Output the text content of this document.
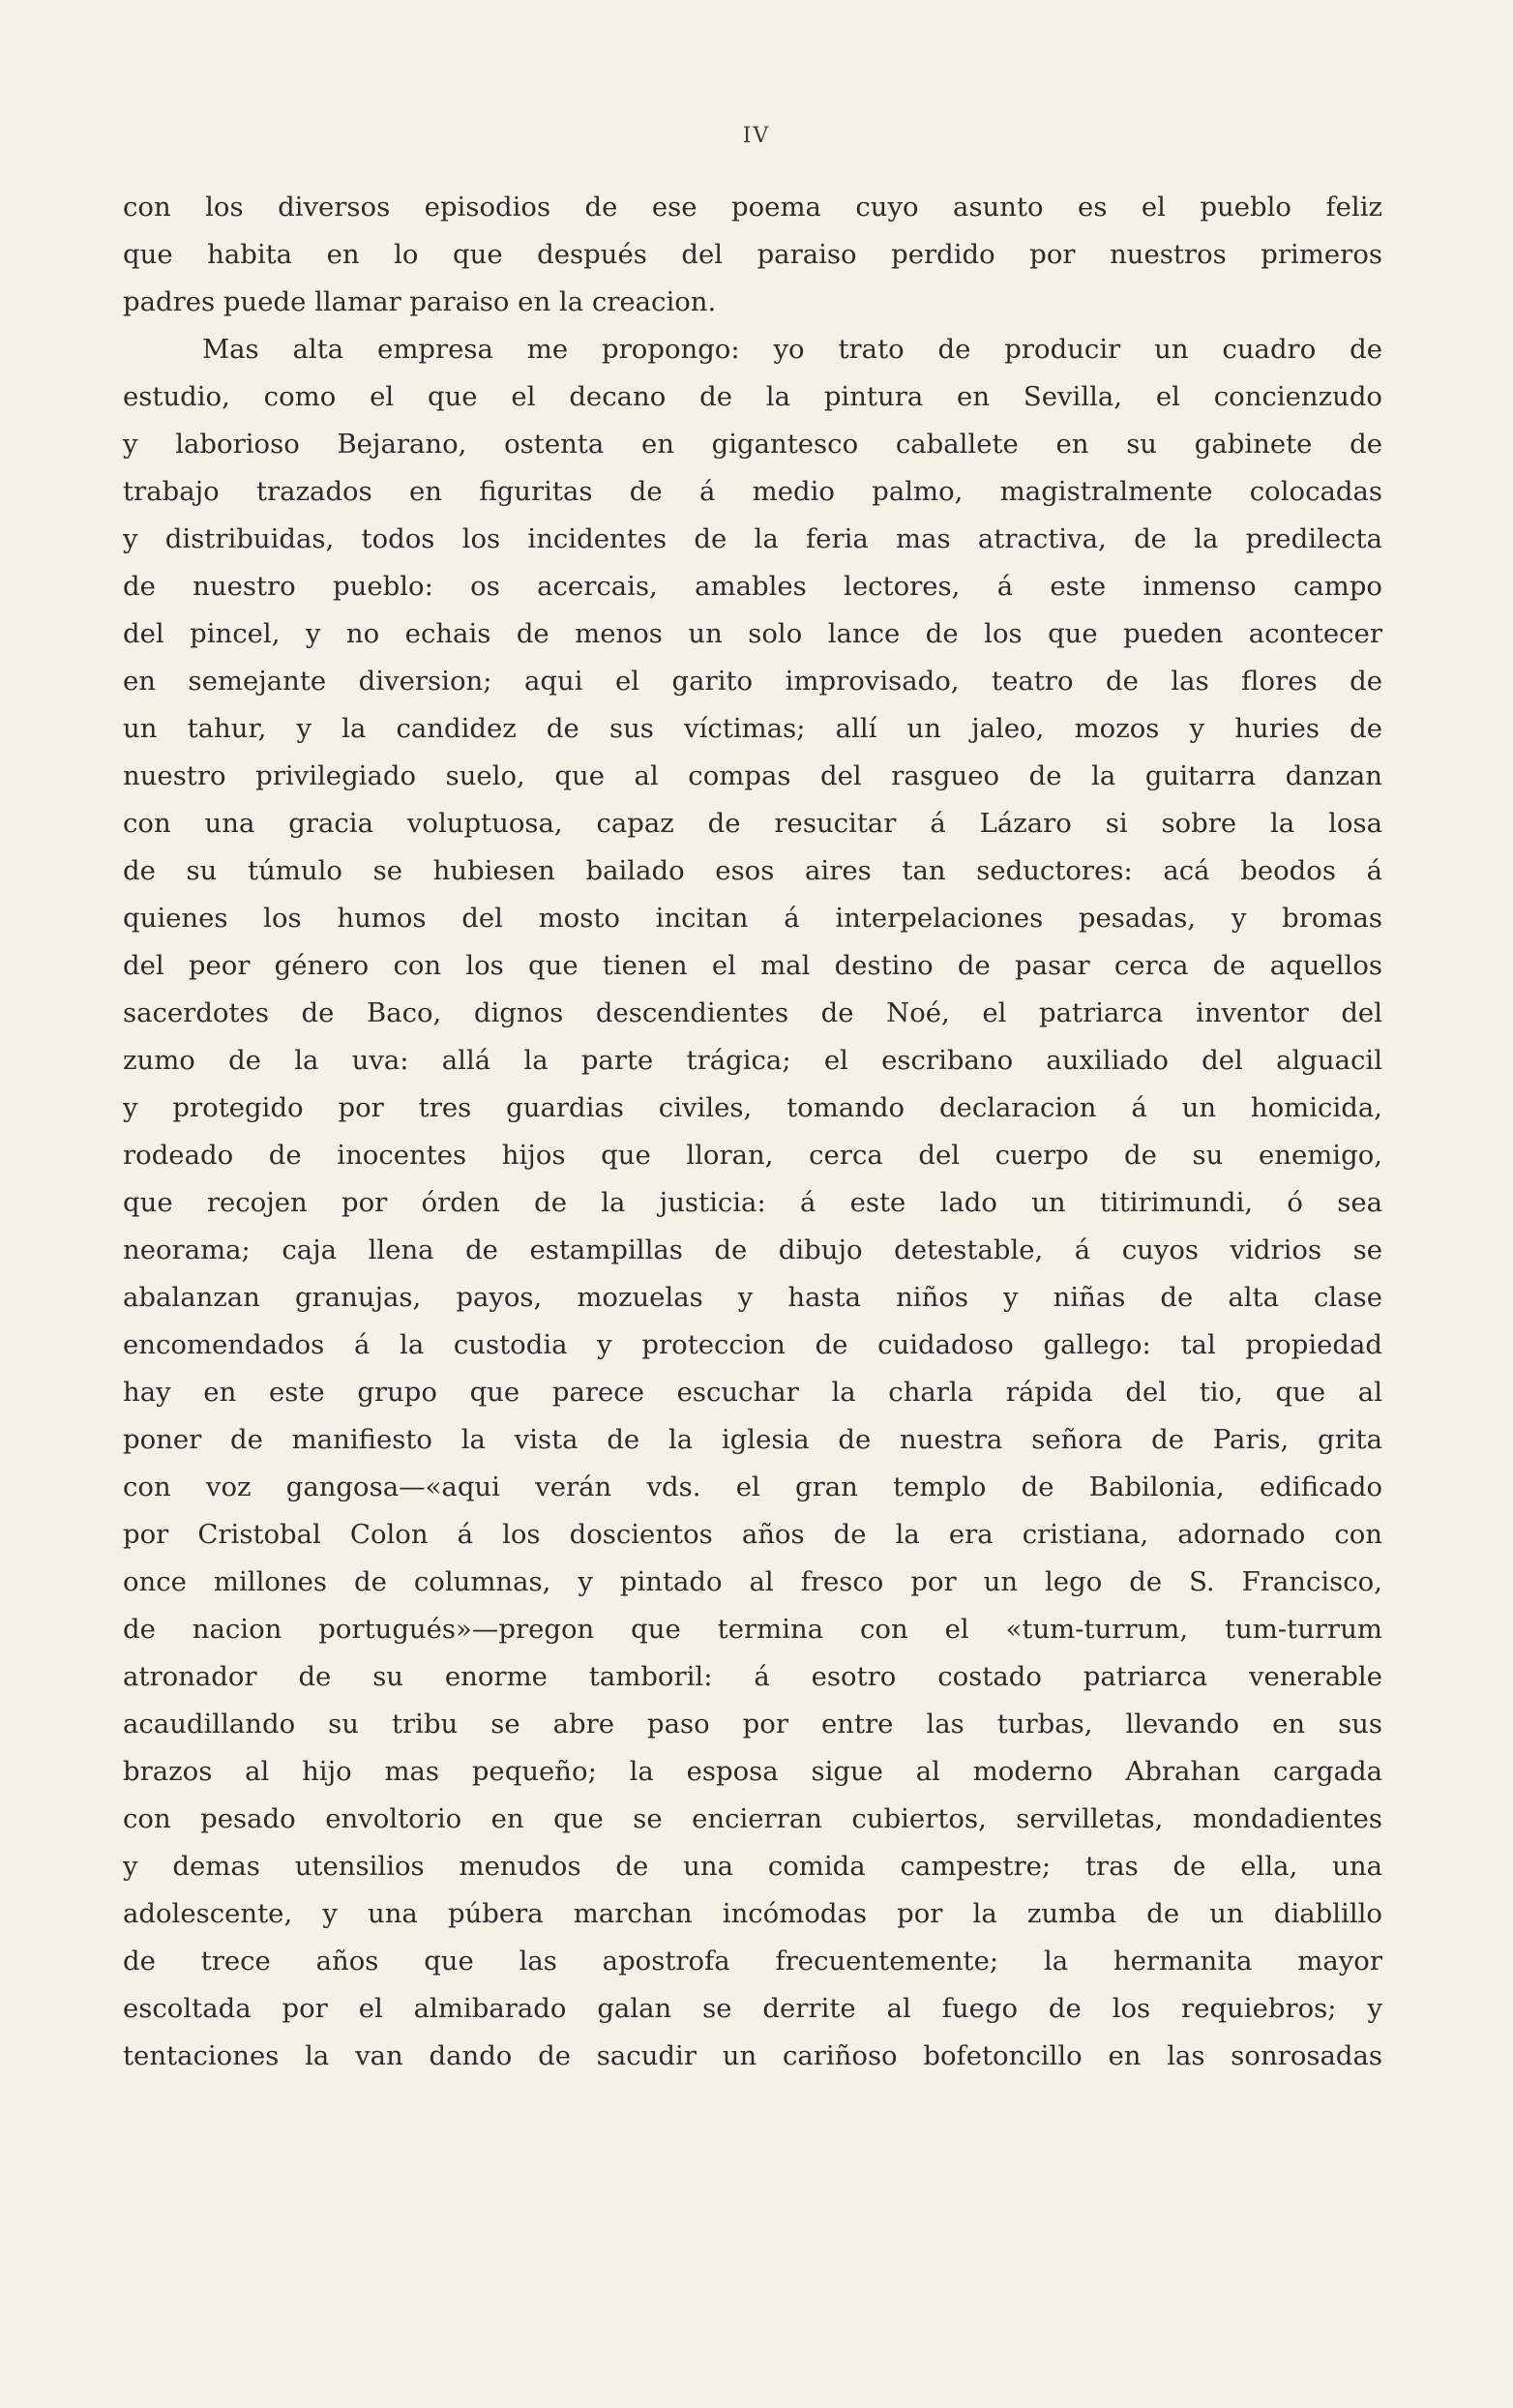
IV
con los diversos episodios de ese poema cuyo asunto es el pueblo feliz
que habita en lo que después del paraiso perdido por nuestros primeros
padres puede llamar paraiso en la creacion.
Mas alta empresa me propongo: yo trato de producir un cuadro de
estudio, como el que el decano de la pintura en Sevilla, el concienzudo
y laborioso Bejarano, ostenta en gigantesco caballete en su gabinete de
trabajo trazados en figuritas de á medio palmo, magistralmente colocadas
y distribuidas, todos los incidentes de la feria mas atractiva, de la predilecta
de nuestro pueblo: os acercais, amables lectores, á este inmenso campo
del pincel, y no echais de menos un solo lance de los que pueden acontecer
en semejante diversion; aqui el garito improvisado, teatro de las flores de
un tahur, y la candidez de sus víctimas; allí un jaleo, mozos y huries de
nuestro privilegiado suelo, que al compas del rasgueo de la guitarra danzan
con una gracia voluptuosa, capaz de resucitar á Lázaro si sobre la losa
de su túmulo se hubiesen bailado esos aires tan seductores: acá beodos á
quienes los humos del mosto incitan á interpelaciones pesadas, y bromas
del peor género con los que tienen el mal destino de pasar cerca de aquellos
sacerdotes de Baco, dignos descendientes de Noé, el patriarca inventor del
zumo de la uva: allá la parte trágica; el escribano auxiliado del alguacil
y protegido por tres guardias civiles, tomando declaracion á un homicida,
rodeado de inocentes hijos que lloran, cerca del cuerpo de su enemigo,
que recojen por órden de la justicia: á este lado un titirimundi, ó sea
neorama; caja llena de estampillas de dibujo detestable, á cuyos vidrios se
abalanzan granujas, payos, mozuelas y hasta niños y niñas de alta clase
encomendados á la custodia y proteccion de cuidadoso gallego: tal propiedad
hay en este grupo que parece escuchar la charla rápida del tio, que al
poner de manifiesto la vista de la iglesia de nuestra señora de Paris, grita
con voz gangosa—«aqui verán vds. el gran templo de Babilonia, edificado
por Cristobal Colon á los doscientos años de la era cristiana, adornado con
once millones de columnas, y pintado al fresco por un lego de S. Francisco,
de nacion portugués»—pregon que termina con el «tum-turrum, tum-turrum
atronador de su enorme tamboril: á esotro costado patriarca venerable
acaudillando su tribu se abre paso por entre las turbas, llevando en sus
brazos al hijo mas pequeño; la esposa sigue al moderno Abrahan cargada
con pesado envoltorio en que se encierran cubiertos, servilletas, mondadientes
y demas utensilios menudos de una comida campestre; tras de ella, una
adolescente, y una púbera marchan incómodas por la zumba de un diablillo
de trece años que las apostrofa frecuentemente; la hermanita mayor
escoltada por el almibarado galan se derrite al fuego de los requiebros; y
tentaciones la van dando de sacudir un cariñoso bofetoncillo en las sonrosadas
